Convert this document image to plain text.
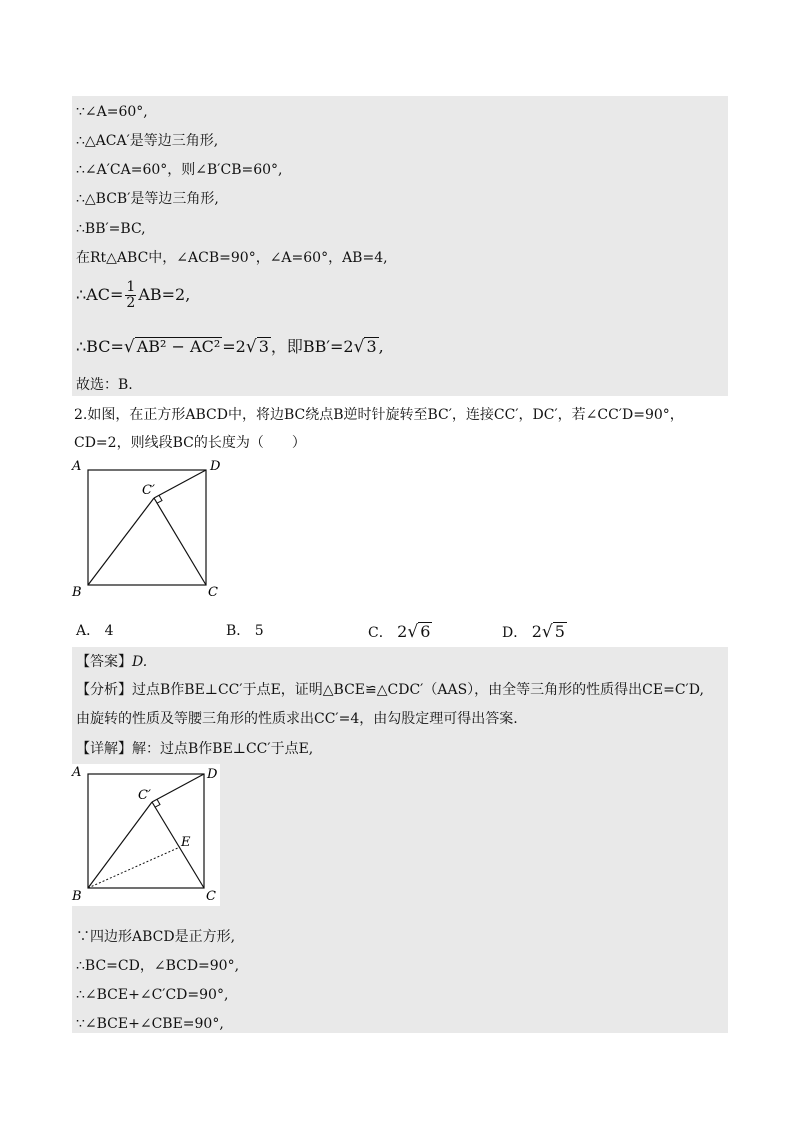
∵∠A=60°,
∴△ACA′是等边三角形,
∴∠A′CA=60°，则∠B′CB=60°,
∴△BCB′是等边三角形,
∴BB′=BC,
在Rt△ABC中，∠ACB=90°，∠A=60°，AB=4,
∴AC= $\frac{1}{2} AB=2$,
∴BC=√ AB² − AC² =2√ 3 ，即BB′=2√ 3 ,
故选：B.
2.如图，在正方形ABCD中，将边BC绕点B逆时针旋转至BC′，连接CC′，DC′，若∠CC′D=90°，
CD=2，则线段BC的长度为（　　）
A	D
B	C
C′
A． 4	B． 5	C． 2√ 6	D． 2√ 5
【答案】D.
【分析】过点B作BE⊥CC′于点E，证明△BCE≌△CDC′（AAS），由全等三角形的性质得出CE=C′D,
由旋转的性质及等腰三角形的性质求出CC′=4，由勾股定理可得出答案.
【详解】解：过点B作BE⊥CC′于点E,
A	D
B	C
C′
E
∵四边形ABCD是正方形,
∴BC=CD，∠BCD=90°,
∴∠BCE+∠C′CD=90°,
∵∠BCE+∠CBE=90°,
